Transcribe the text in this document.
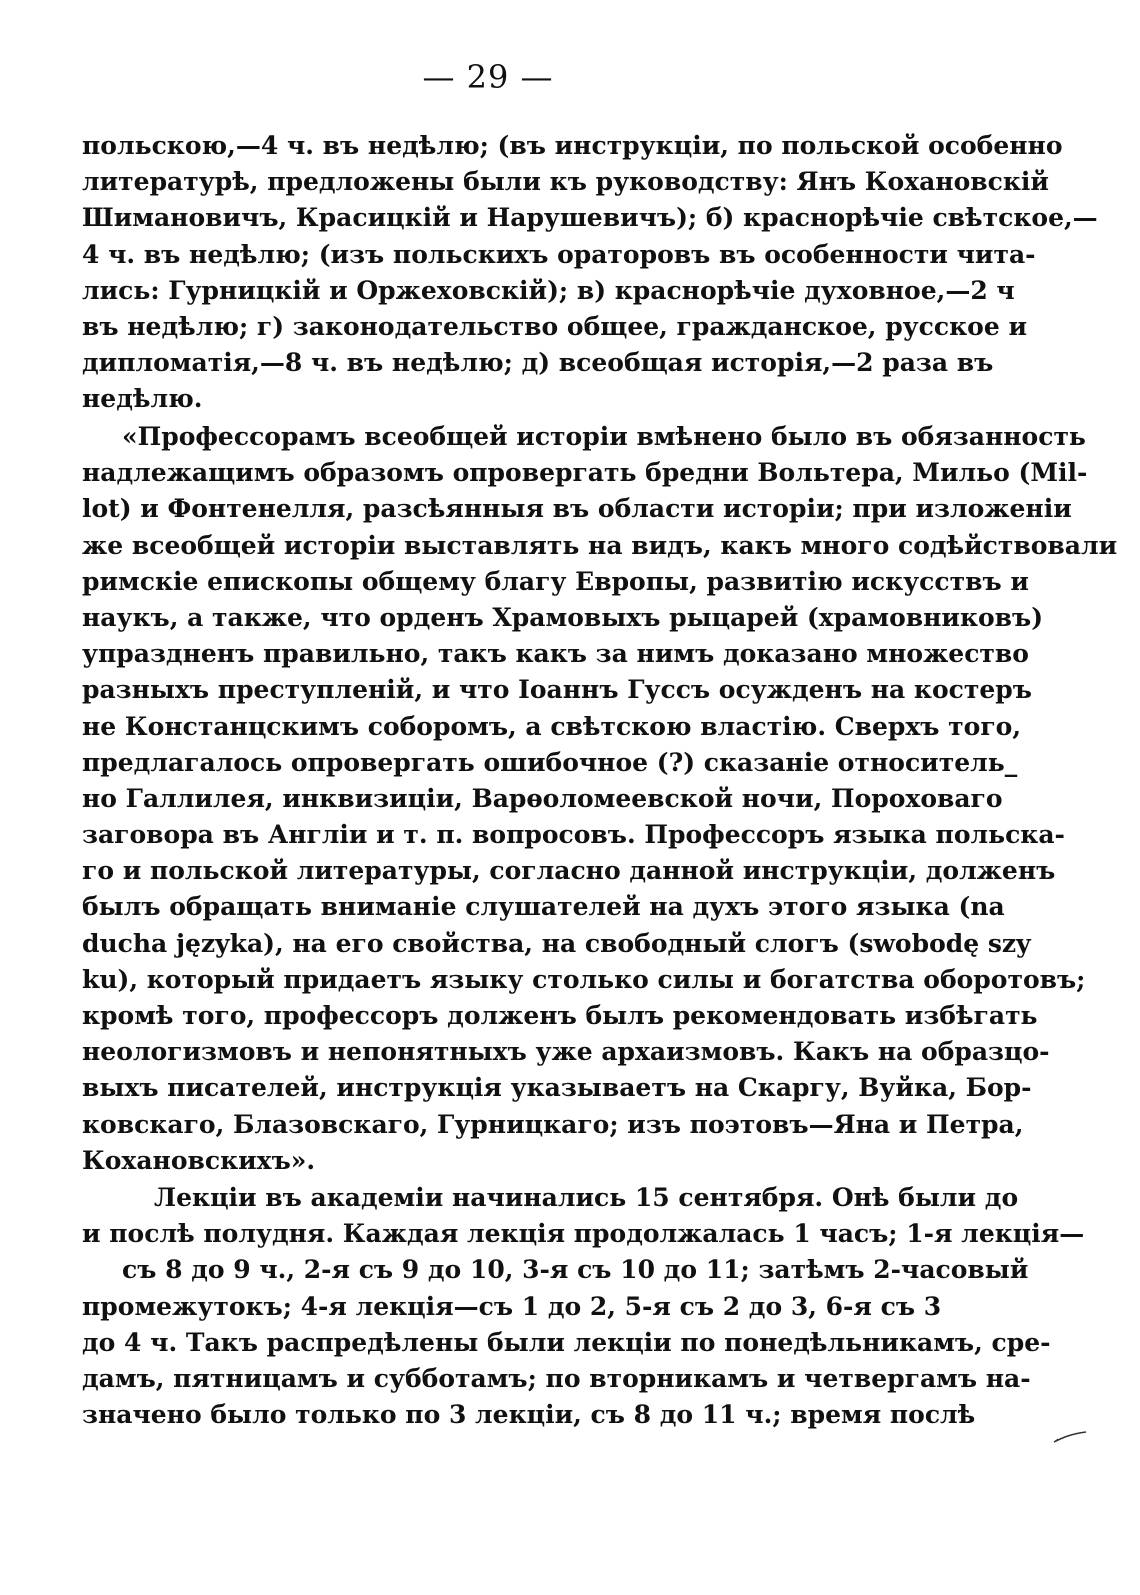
— 29 —
польскою,—4 ч. въ недѣлю; (въ инструкціи, по польской особенно
литературѣ, предложены были къ руководству: Янъ Кохановскій
Шимановичъ, Красицкій и Нарушевичъ); б) краснорѣчіе свѣтское,—
4 ч. въ недѣлю; (изъ польскихъ ораторовъ въ особенности чита-
лись: Гурницкій и Оржеховскій); в) краснорѣчіе духовное,—2 ч
въ недѣлю; г) законодательство общее, гражданское, русское и
дипломатія,—8 ч. въ недѣлю; д) всеобщая исторія,—2 раза въ
недѣлю.
«Профессорамъ всеобщей исторіи вмѣнено было въ обязанность
надлежащимъ образомъ опровергать бредни Вольтера, Мильо (Mil-
lot) и Фонтенелля, разсѣянныя въ области исторіи; при изложеніи
же всеобщей исторіи выставлять на видъ, какъ много содѣйствовали
римскіе епископы общему благу Европы, развитію искусствъ и
наукъ, а также, что орденъ Храмовыхъ рыцарей (храмовниковъ)
упраздненъ правильно, такъ какъ за нимъ доказано множество
разныхъ преступленій, и что Іоаннъ Гуссъ осужденъ на костеръ
не Констанцскимъ соборомъ, а свѣтскою властію. Сверхъ того,
предлагалось опровергать ошибочное (?) сказаніе относитель_
но Галлилея, инквизиціи, Варѳоломеевской ночи, Пороховаго
заговора въ Англіи и т. п. вопросовъ. Профессоръ языка польска-
го и польской литературы, согласно данной инструкціи, долженъ
былъ обращать вниманіе слушателей на духъ этого языка (na
ducha języka), на его свойства, на свободный слогъ (swobodę szy
ku), который придаетъ языку столько силы и богатства оборотовъ;
кромѣ того, профессоръ долженъ былъ рекомендовать избѣгать
неологизмовъ и непонятныхъ уже архаизмовъ. Какъ на образцо-
выхъ писателей, инструкція указываетъ на Скаргу, Вуйка, Бор-
ковскаго, Блазовскаго, Гурницкаго; изъ поэтовъ—Яна и Петра,
Кохановскихъ».
Лекціи въ академіи начинались 15 сентября. Онѣ были до
и послѣ полудня. Каждая лекція продолжалась 1 часъ; 1-я лекція—
съ 8 до 9 ч., 2-я съ 9 до 10, 3-я съ 10 до 11; затѣмъ 2-часовый
промежутокъ; 4-я лекція—съ 1 до 2, 5-я съ 2 до 3, 6-я съ 3
до 4 ч. Такъ распредѣлены были лекціи по понедѣльникамъ, сре-
дамъ, пятницамъ и субботамъ; по вторникамъ и четвергамъ на-
значено было только по 3 лекціи, съ 8 до 11 ч.; время послѣ
